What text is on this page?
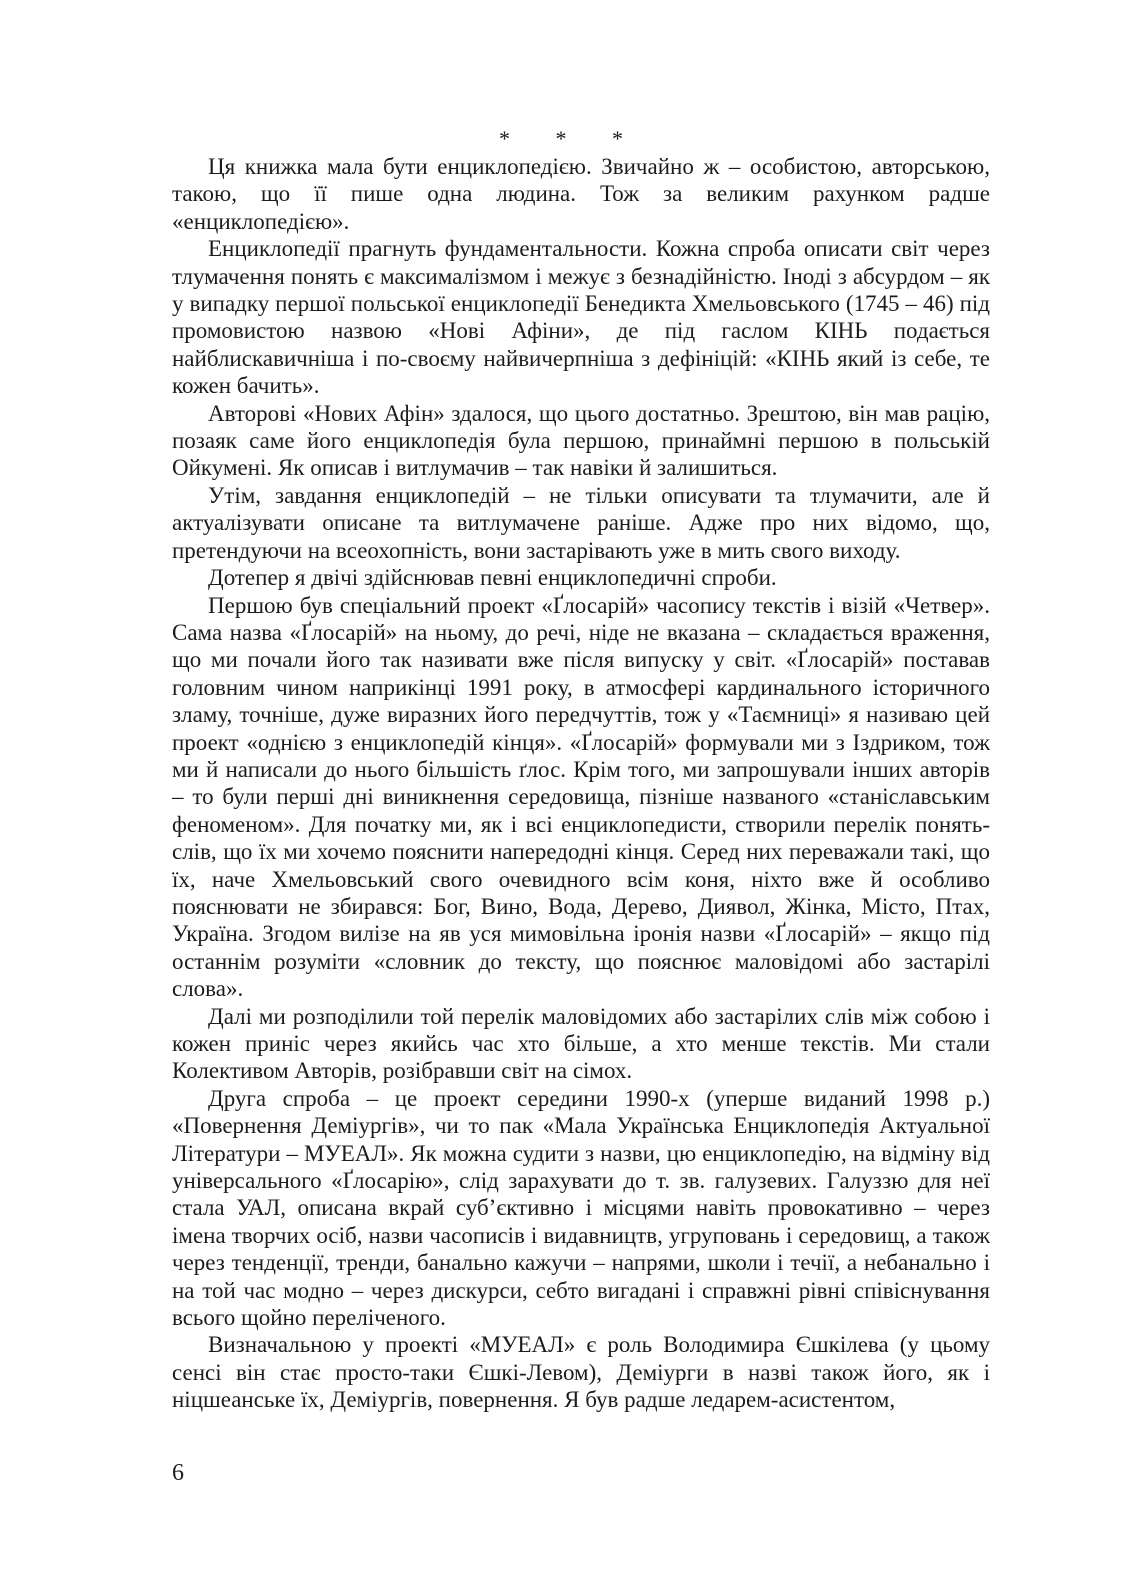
* * *

Ця книжка мала бути енциклопедією. Звичайно ж – особистою, авторською, такою, що її пише одна людина. Тож за великим рахунком радше «енциклопедією».

Енциклопедії прагнуть фундаментальности. Кожна спроба описати світ через тлумачення понять є максималізмом і межує з безнадійністю. Іноді з абсурдом – як у випадку першої польської енциклопедії Бенедикта Хмельовського (1745 – 46) під промовистою назвою «Нові Афіни», де під гаслом КІНЬ подається найблискавичніша і по-своєму найвичерпніша з дефініцій: «КІНЬ який із себе, те кожен бачить».

Авторові «Нових Афін» здалося, що цього достатньо. Зрештою, він мав рацію, позаяк саме його енциклопедія була першою, принаймні першою в польській Ойкумені. Як описав і витлумачив – так навіки й залишиться.

Утім, завдання енциклопедій – не тільки описувати та тлумачити, але й актуалізувати описане та витлумачене раніше. Адже про них відомо, що, претендуючи на всеохопність, вони застарівають уже в мить свого виходу.

Дотепер я двічі здійснював певні енциклопедичні спроби.

Першою був спеціальний проект «Ґлосарій» часопису текстів і візій «Четвер». Сама назва «Ґлосарій» на ньому, до речі, ніде не вказана – складається враження, що ми почали його так називати вже після випуску у світ. «Ґлосарій» поставав головним чином наприкінці 1991 року, в атмосфері кардинального історичного зламу, точніше, дуже виразних його передчуттів, тож у «Таємниці» я називаю цей проект «однією з енциклопедій кінця». «Ґлосарій» формували ми з Іздриком, тож ми й написали до нього більшість ґлос. Крім того, ми запрошували інших авторів – то були перші дні виникнення середовища, пізніше названого «станіславським феноменом». Для початку ми, як і всі енциклопедисти, створили перелік понять-слів, що їх ми хочемо пояснити напередодні кінця. Серед них переважали такі, що їх, наче Хмельовський свого очевидного всім коня, ніхто вже й особливо пояснювати не збирався: Бог, Вино, Вода, Дерево, Диявол, Жінка, Місто, Птах, Україна. Згодом вилізе на яв уся мимовільна іронія назви «Ґлосарій» – якщо під останнім розуміти «словник до тексту, що пояснює маловідомі або застарілі слова».

Далі ми розподілили той перелік маловідомих або застарілих слів між собою і кожен приніс через якийсь час хто більше, а хто менше текстів. Ми стали Колективом Авторів, розібравши світ на сімох.

Друга спроба – це проект середини 1990-х (уперше виданий 1998 р.) «Повернення Деміургів», чи то пак «Мала Українська Енциклопедія Актуальної Літератури – МУЕАЛ». Як можна судити з назви, цю енциклопедію, на відміну від універсального «Ґлосарію», слід зарахувати до т. зв. галузевих. Галуззю для неї стала УАЛ, описана вкрай суб’єктивно і місцями навіть провокативно – через імена творчих осіб, назви часописів і видавництв, угруповань і середовищ, а також через тенденції, тренди, банально кажучи – напрями, школи і течії, а небанально і на той час модно – через дискурси, себто вигадані і справжні рівні співіснування всього щойно переліченого.

Визначальною у проекті «МУЕАЛ» є роль Володимира Єшкілева (у цьому сенсі він стає просто-таки Єшкі-Левом), Деміурги в назві також його, як і ніцшеанське їх, Деміургів, повернення. Я був радше ледарем-асистентом,

6
